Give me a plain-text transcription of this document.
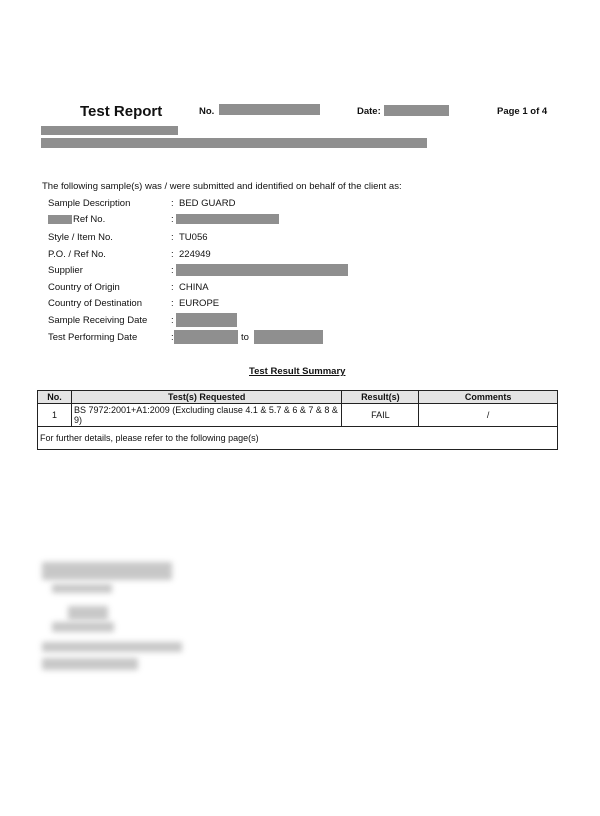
Test Report	No.	Date:	Page 1 of 4
The following sample(s) was / were submitted and identified on behalf of the client as:
Sample Description	: BED GUARD
Ref No.	:
Style / Item No.	: TU056
P.O. / Ref No.	: 224949
Supplier	:
Country of Origin	: CHINA
Country of Destination	: EUROPE
Sample Receiving Date :
Test Performing Date	:	to
Test Result Summary
No.	Test(s) Requested	Result(s)	Comments
1	BS 7972:2001+A1:2009 (Excluding clause 4.1 & 5.7 & 6 & 7 & 8 & 9)	FAIL	/
For further details, please refer to the following page(s)			
